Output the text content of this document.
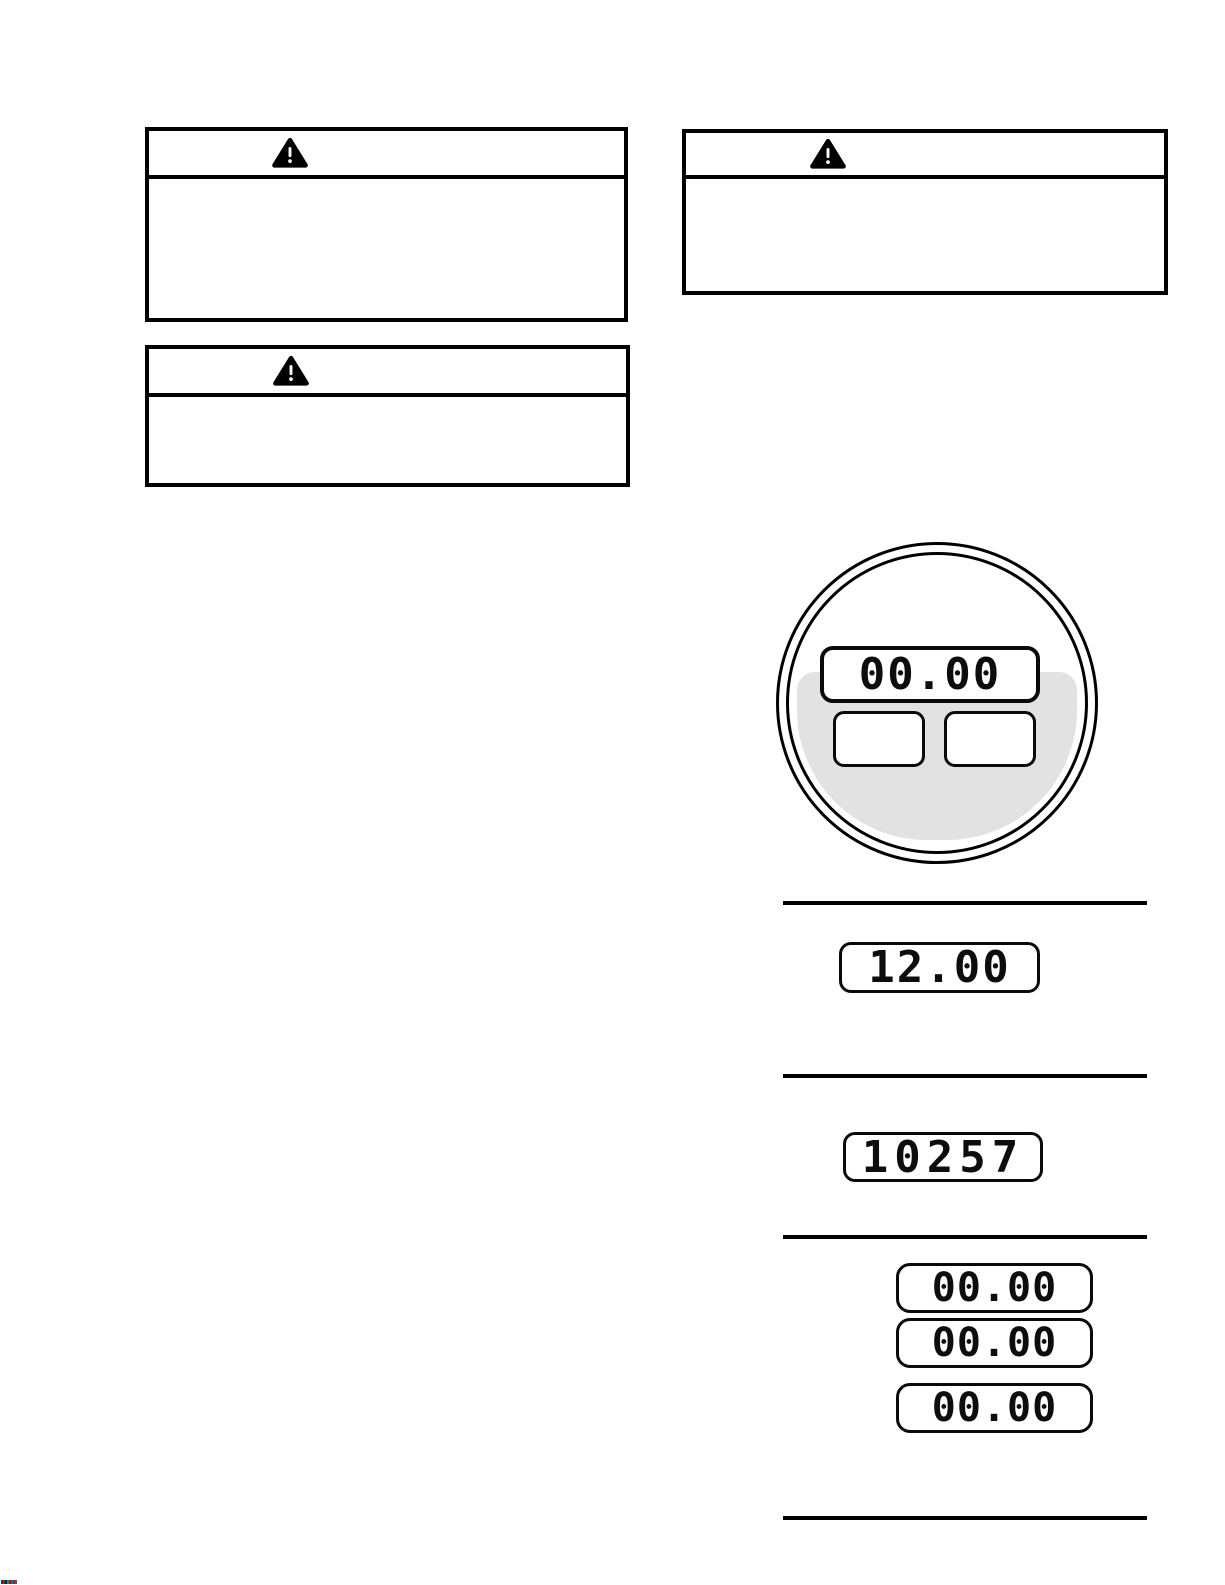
00.00
12.00
10257
00.00
00.00
00.00
